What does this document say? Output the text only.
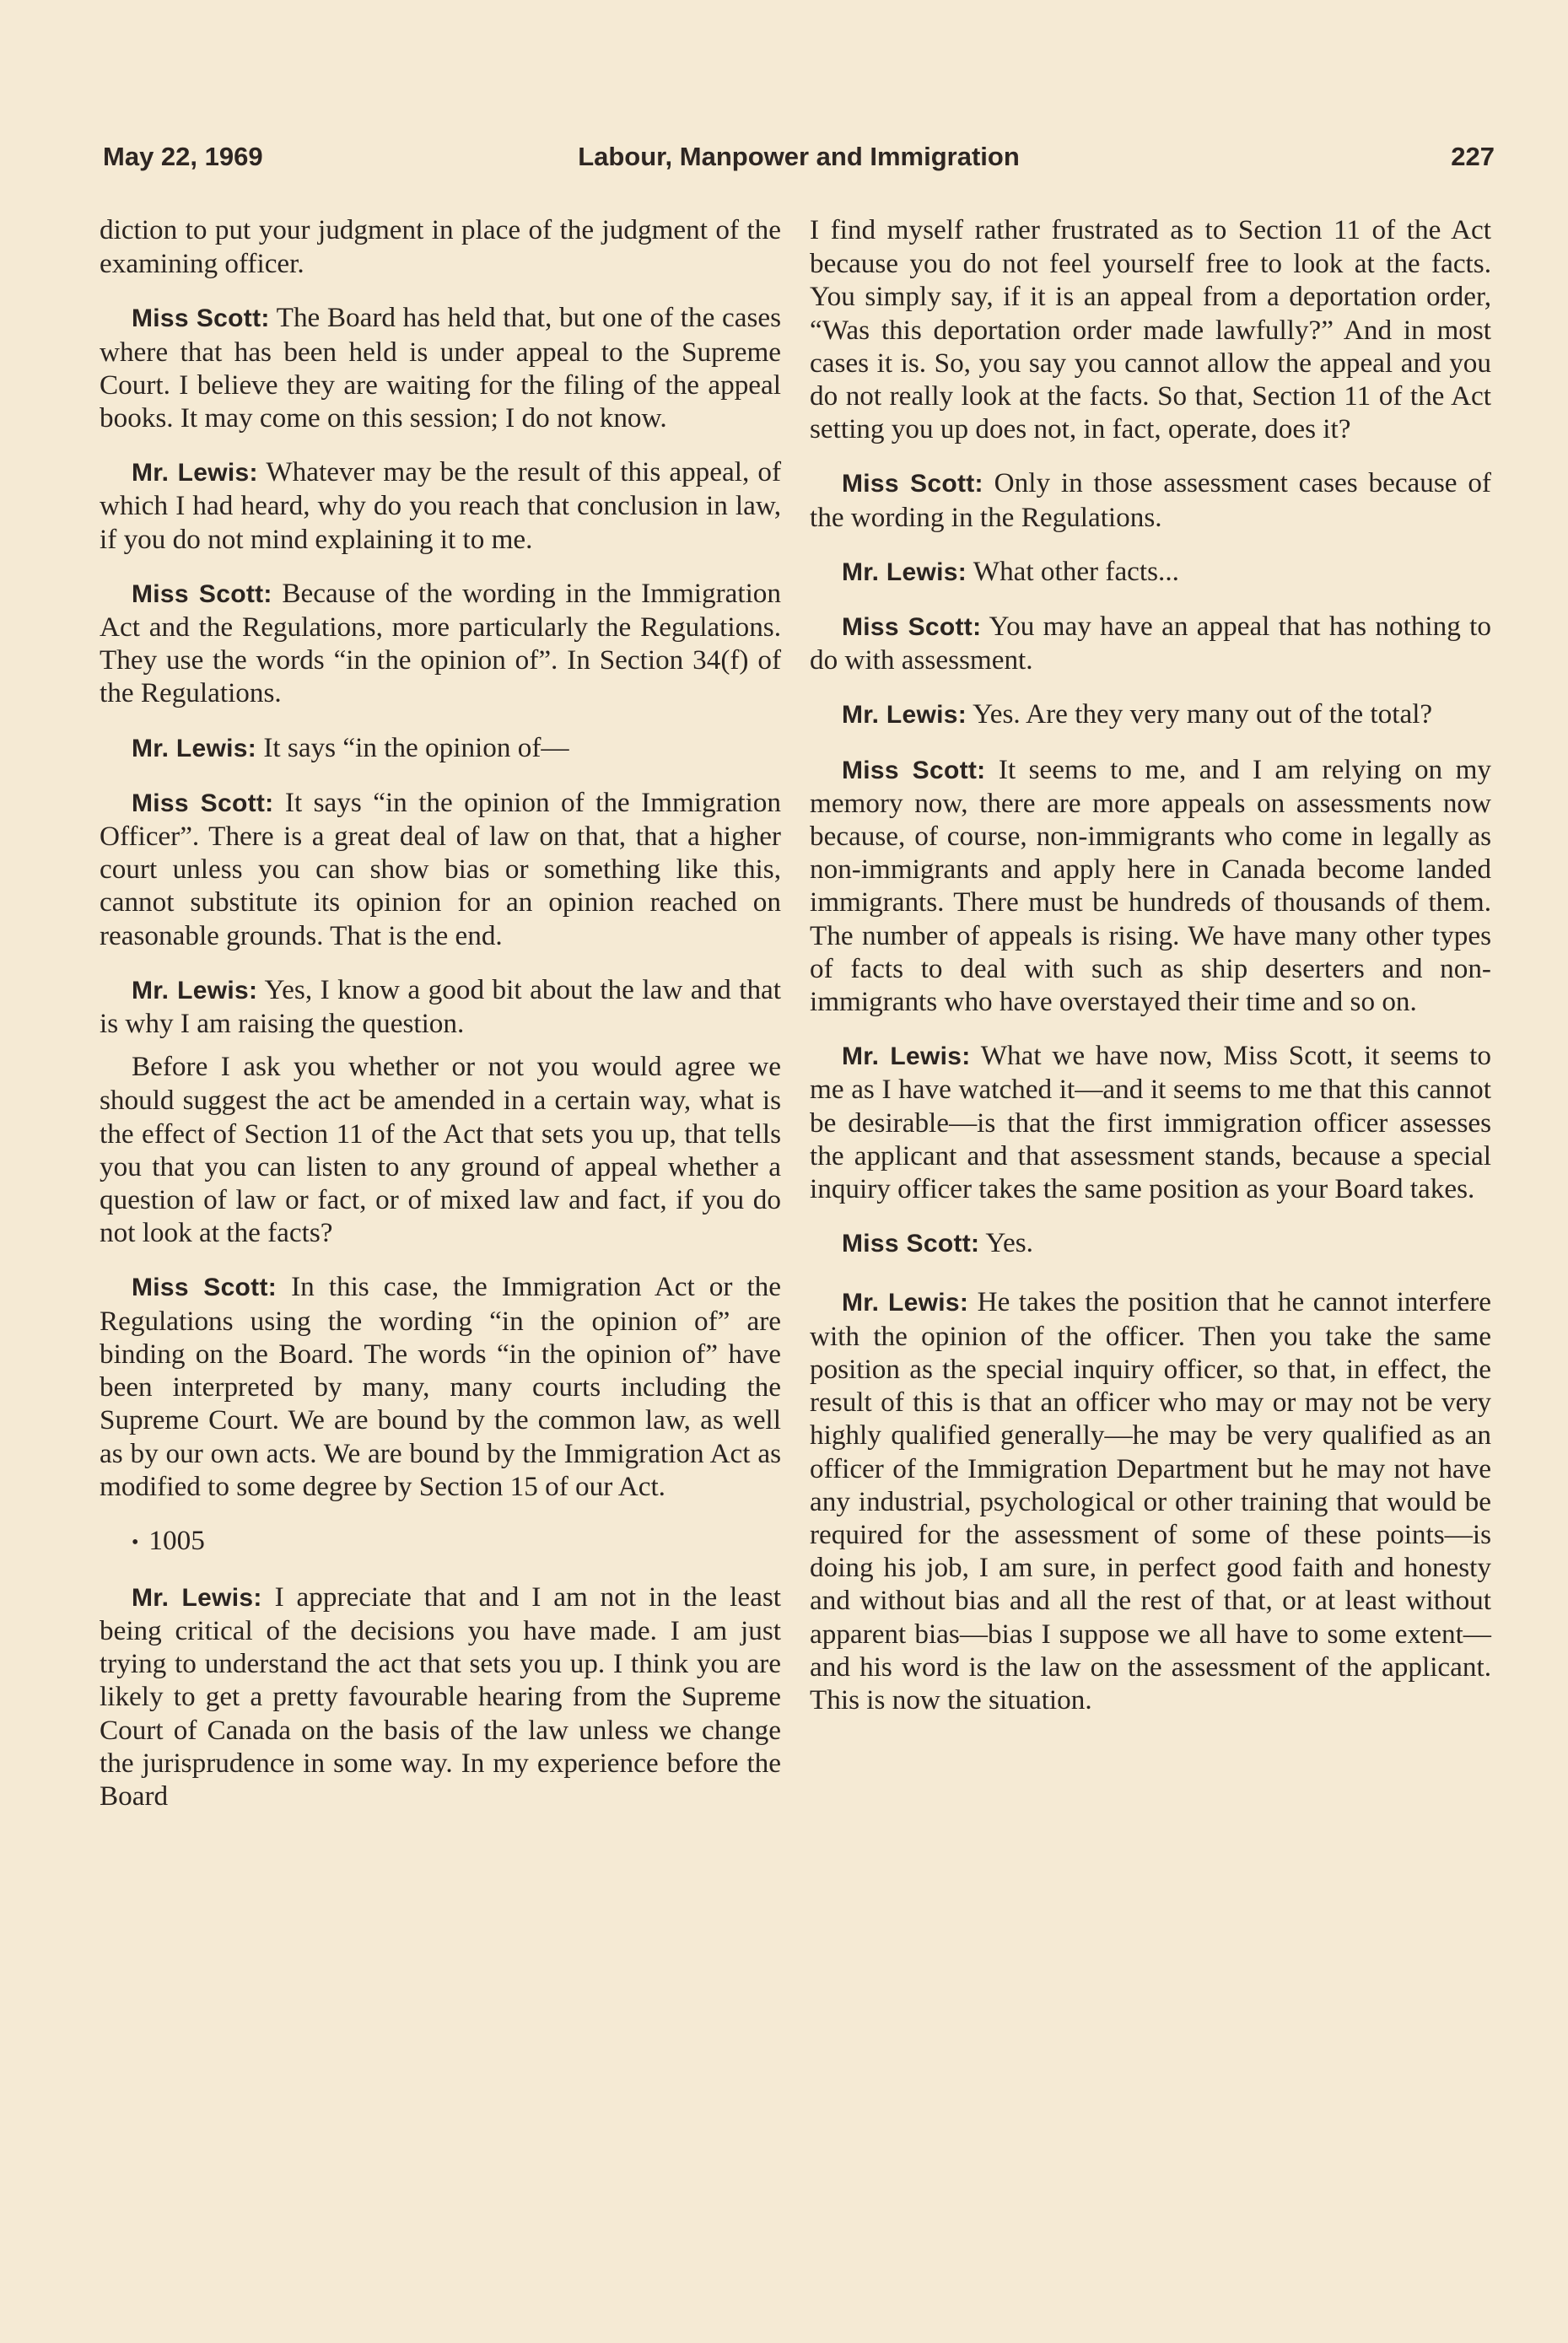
May 22, 1969	Labour, Manpower and Immigration	227

diction to put your judgment in place of the judgment of the examining officer.

Miss Scott: The Board has held that, but one of the cases where that has been held is under appeal to the Supreme Court. I believe they are waiting for the filing of the appeal books. It may come on this session; I do not know.

Mr. Lewis: Whatever may be the result of this appeal, of which I had heard, why do you reach that conclusion in law, if you do not mind explaining it to me.

Miss Scott: Because of the wording in the Immigration Act and the Regulations, more particularly the Regulations. They use the words “in the opinion of”. In Section 34(f) of the Regulations.

Mr. Lewis: It says “in the opinion of—

Miss Scott: It says “in the opinion of the Immigration Officer”. There is a great deal of law on that, that a higher court unless you can show bias or something like this, cannot substitute its opinion for an opinion reached on reasonable grounds. That is the end.

Mr. Lewis: Yes, I know a good bit about the law and that is why I am raising the question.

Before I ask you whether or not you would agree we should suggest the act be amended in a certain way, what is the effect of Section 11 of the Act that sets you up, that tells you that you can listen to any ground of appeal whether a question of law or fact, or of mixed law and fact, if you do not look at the facts?

Miss Scott: In this case, the Immigration Act or the Regulations using the wording “in the opinion of” are binding on the Board. The words “in the opinion of” have been interpreted by many, many courts including the Supreme Court. We are bound by the common law, as well as by our own acts. We are bound by the Immigration Act as modified to some degree by Section 15 of our Act.

• 1005

Mr. Lewis: I appreciate that and I am not in the least being critical of the decisions you have made. I am just trying to understand the act that sets you up. I think you are likely to get a pretty favourable hearing from the Supreme Court of Canada on the basis of the law unless we change the jurisprudence in some way. In my experience before the Board

I find myself rather frustrated as to Section 11 of the Act because you do not feel yourself free to look at the facts. You simply say, if it is an appeal from a deportation order, “Was this deportation order made lawfully?” And in most cases it is. So, you say you cannot allow the appeal and you do not really look at the facts. So that, Section 11 of the Act setting you up does not, in fact, operate, does it?

Miss Scott: Only in those assessment cases because of the wording in the Regulations.

Mr. Lewis: What other facts...

Miss Scott: You may have an appeal that has nothing to do with assessment.

Mr. Lewis: Yes. Are they very many out of the total?

Miss Scott: It seems to me, and I am relying on my memory now, there are more appeals on assessments now because, of course, non-immigrants who come in legally as non-immigrants and apply here in Canada become landed immigrants. There must be hundreds of thousands of them. The number of appeals is rising. We have many other types of facts to deal with such as ship deserters and non-immigrants who have overstayed their time and so on.

Mr. Lewis: What we have now, Miss Scott, it seems to me as I have watched it—and it seems to me that this cannot be desirable—is that the first immigration officer assesses the applicant and that assessment stands, because a special inquiry officer takes the same position as your Board takes.

Miss Scott: Yes.

Mr. Lewis: He takes the position that he cannot interfere with the opinion of the officer. Then you take the same position as the special inquiry officer, so that, in effect, the result of this is that an officer who may or may not be very highly qualified generally—he may be very qualified as an officer of the Immigration Department but he may not have any industrial, psychological or other training that would be required for the assessment of some of these points—is doing his job, I am sure, in perfect good faith and honesty and without bias and all the rest of that, or at least without apparent bias—bias I suppose we all have to some extent—and his word is the law on the assessment of the applicant. This is now the situation.
